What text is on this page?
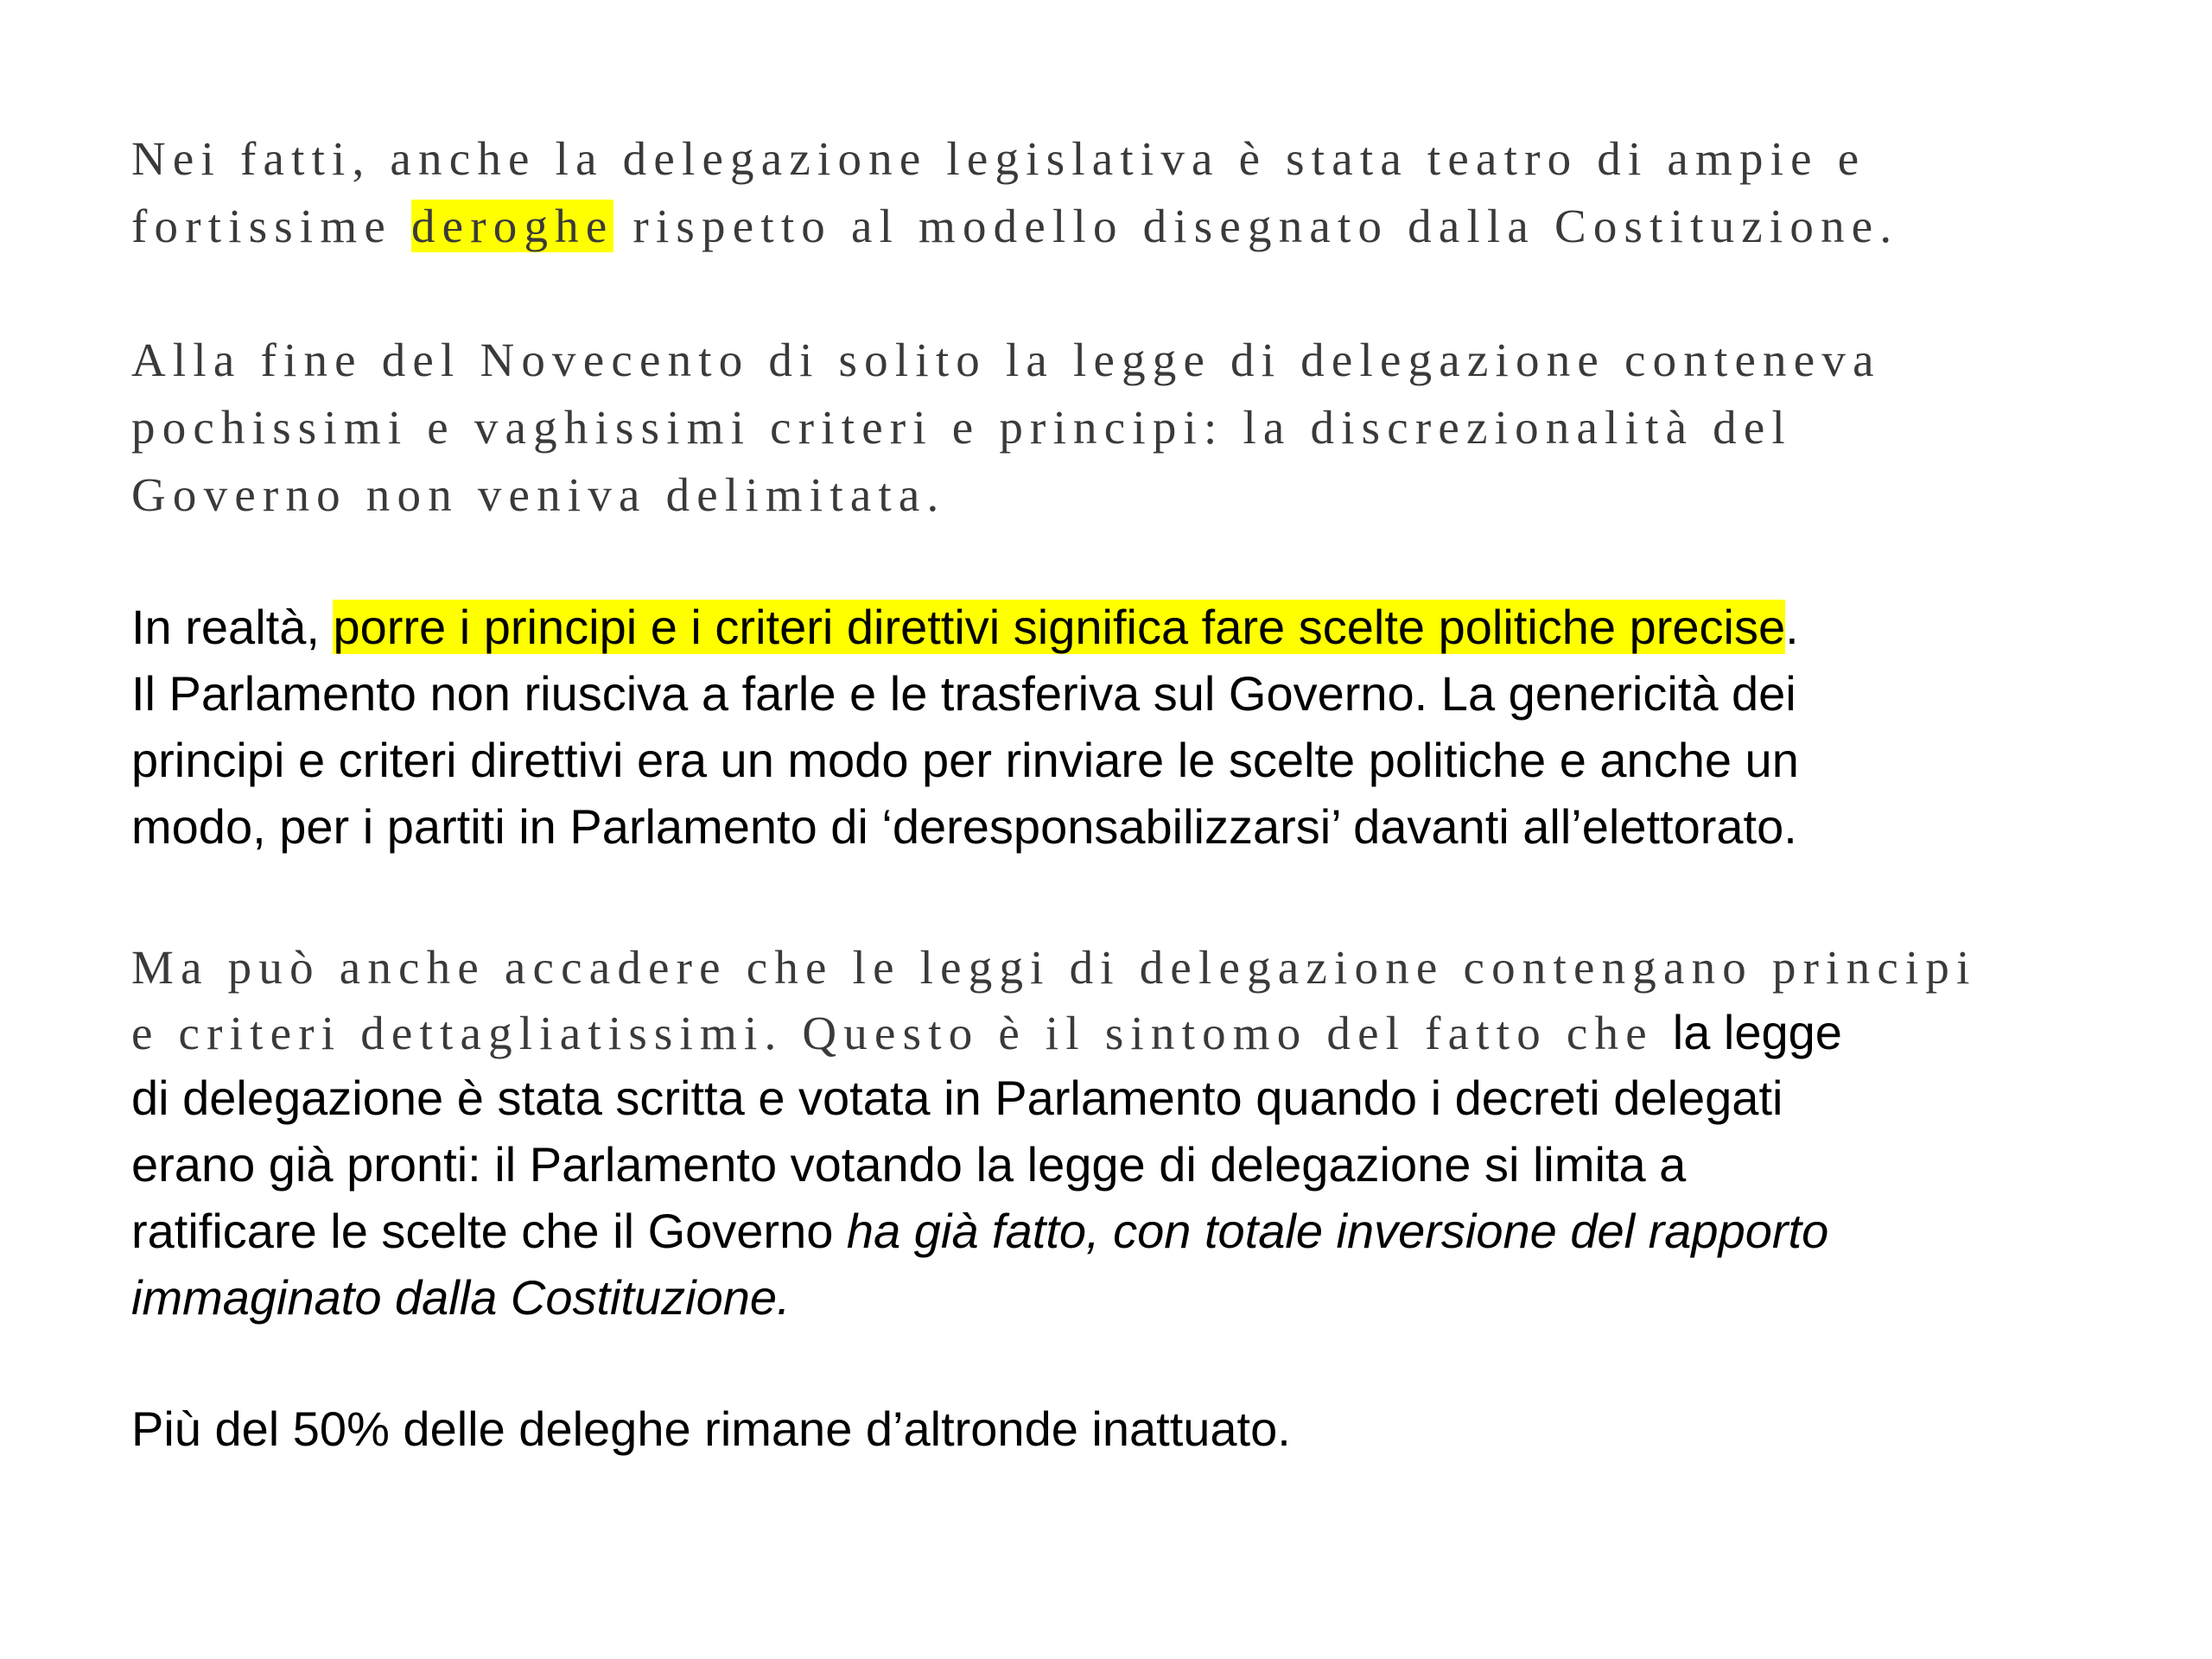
Nei fatti, anche la delegazione legislativa è stata teatro di ampie e
fortissime deroghe rispetto al modello disegnato dalla Costituzione.
Alla fine del Novecento di solito la legge di delegazione conteneva
pochissimi e vaghissimi criteri e principi: la discrezionalità del
Governo non veniva delimitata.
In realtà, porre i principi e i criteri direttivi significa fare scelte politiche precise.
Il Parlamento non riusciva a farle e le trasferiva sul Governo. La genericità dei
principi e criteri direttivi era un modo per rinviare le scelte politiche e anche un
modo, per i partiti in Parlamento di ‘deresponsabilizzarsi’ davanti all’elettorato.
Ma può anche accadere che le leggi di delegazione contengano principi
e criteri dettagliatissimi. Questo è il sintomo del fatto che la legge
di delegazione è stata scritta e votata in Parlamento quando i decreti delegati
erano già pronti: il Parlamento votando la legge di delegazione si limita a
ratificare le scelte che il Governo ha già fatto, con totale inversione del rapporto
immaginato dalla Costituzione.
Più del 50% delle deleghe rimane d’altronde inattuato.
